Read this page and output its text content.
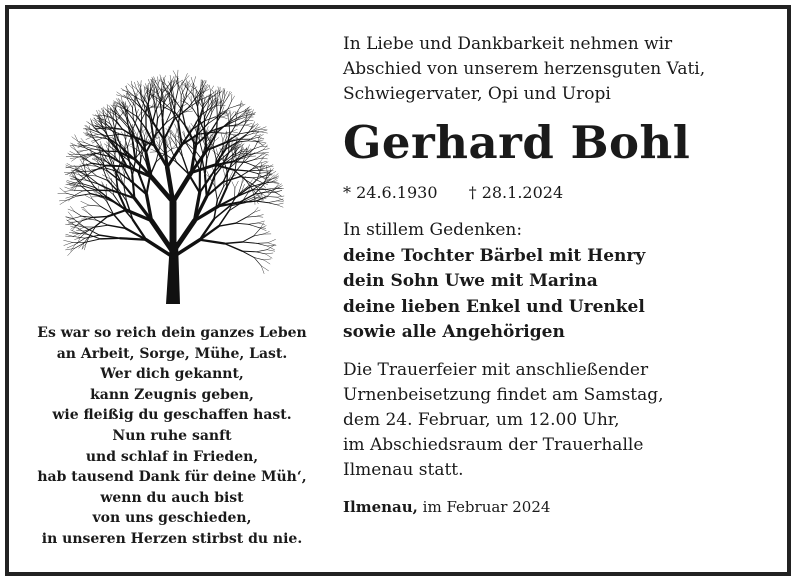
Es war so reich dein ganzes Leben
an Arbeit, Sorge, Mühe, Last.
Wer dich gekannt,
kann Zeugnis geben,
wie fleißig du geschaffen hast.
Nun ruhe sanft
und schlaf in Frieden,
hab tausend Dank für deine Müh‘,
wenn du auch bist
von uns geschieden,
in unseren Herzen stirbst du nie.
In Liebe und Dankbarkeit nehmen wir
Abschied von unserem herzensguten Vati,
Schwiegervater, Opi und Uropi
Gerhard Bohl
* 24.6.1930 † 28.1.2024
In stillem Gedenken:
deine Tochter Bärbel mit Henry
dein Sohn Uwe mit Marina
deine lieben Enkel und Urenkel
sowie alle Angehörigen
Die Trauerfeier mit anschließender
Urnenbeisetzung findet am Samstag,
dem 24. Februar, um 12.00 Uhr,
im Abschiedsraum der Trauerhalle
Ilmenau statt.
Ilmenau, im Februar 2024
